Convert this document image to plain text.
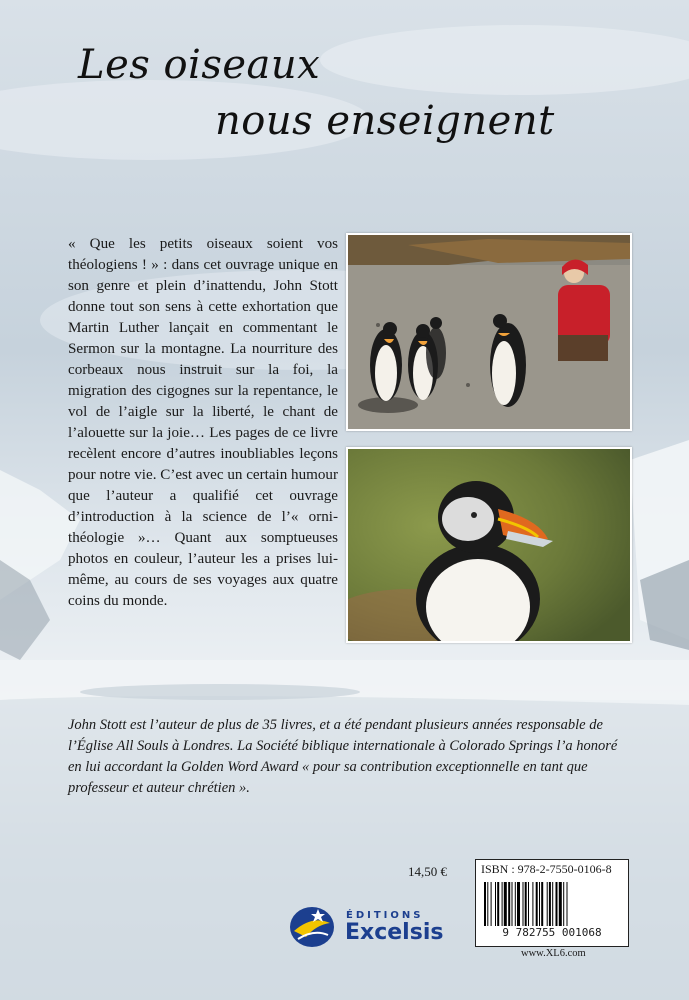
Les oiseaux
nous enseignent

« Que les petits oiseaux soient vos théologiens ! » : dans cet ouvrage unique en son genre et plein d’inattendu, John Stott donne tout son sens à cette exhortation que Martin Luther lançait en commentant le Sermon sur la montagne. La nourriture des corbeaux nous instruit sur la foi, la migration des cigognes sur la repentance, le vol de l’aigle sur la liberté, le chant de l’alouette sur la joie… Les pages de ce livre recèlent encore d’autres inoubliables leçons pour notre vie. C’est avec un certain humour que l’auteur a qualifié cet ouvrage d’introduction à la science de l’« orni-théologie »… Quant aux somptueuses photos en couleur, l’auteur les a prises lui-même, au cours de ses voyages aux quatre coins du monde.

John Stott est l’auteur de plus de 35 livres, et a été pendant plusieurs années responsable de l’Église All Souls à Londres. La Société biblique internationale à Colorado Springs l’a honoré en lui accordant la Golden Word Award « pour sa contribution exceptionnelle en tant que professeur et auteur chrétien ».

14,50 €	ISBN : 978-2-7550-0106-8
9 782755 001068
www.XL6.com
ÉDITIONS
Excelsis
